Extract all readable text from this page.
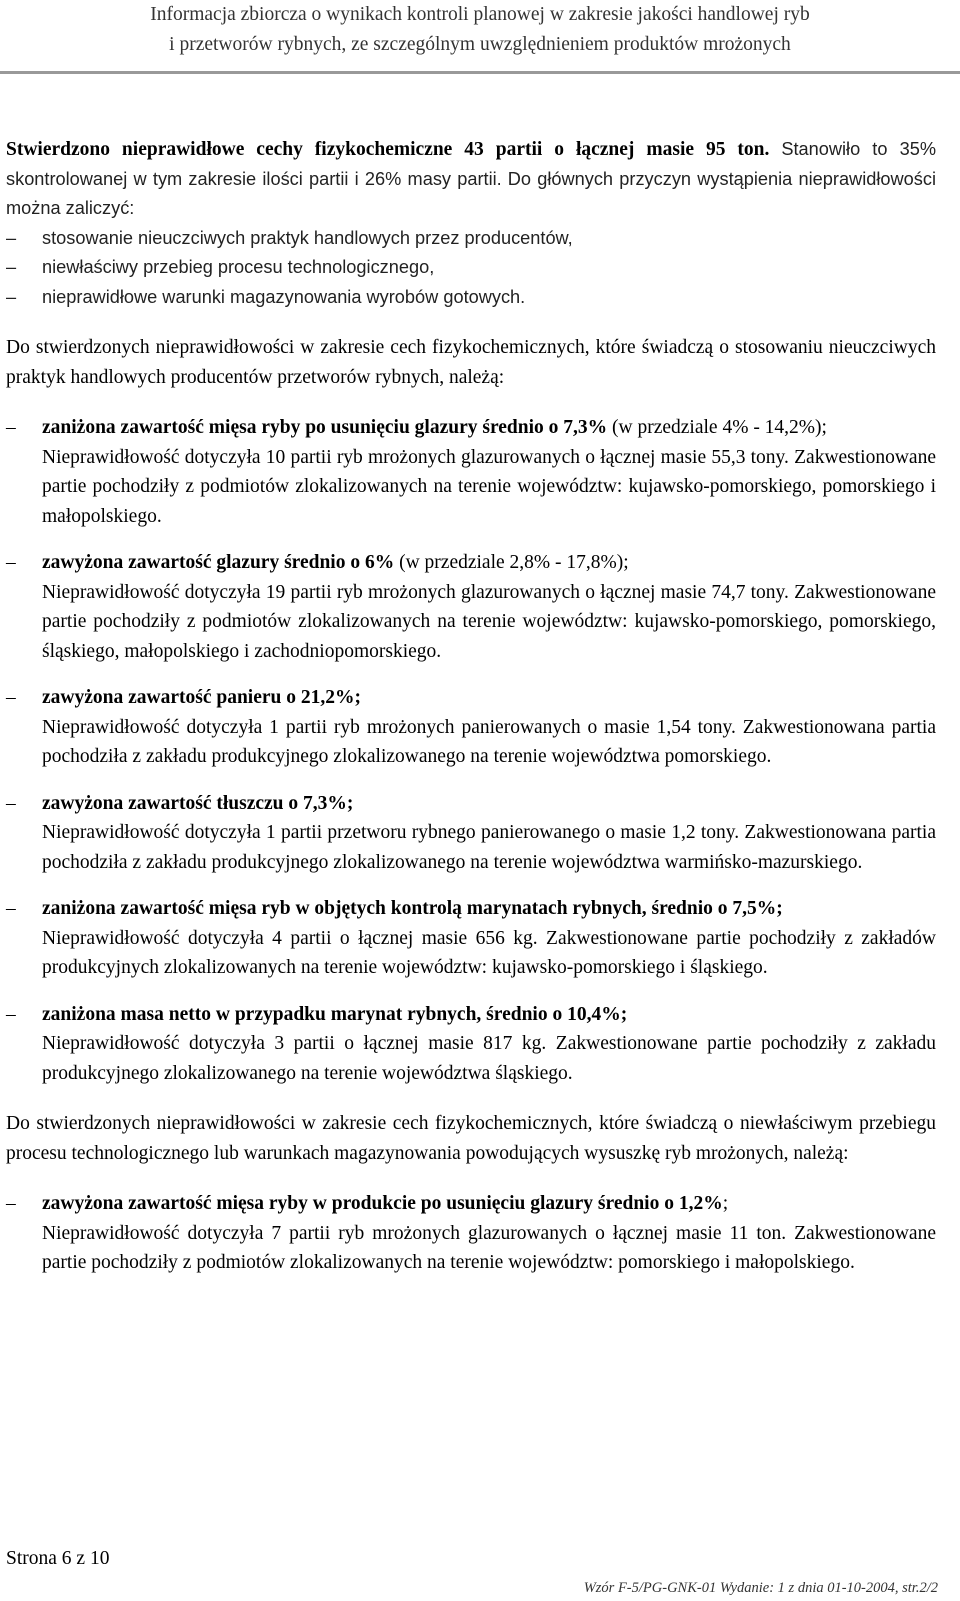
Informacja zbiorcza o wynikach kontroli planowej w zakresie jakości handlowej ryb
i przetworów rybnych, ze szczególnym uwzględnieniem produktów mrożonych

Stwierdzono nieprawidłowe cechy fizykochemiczne 43 partii o łącznej masie 95 ton. Stanowiło to 35% skontrolowanej w tym zakresie ilości partii i 26% masy partii. Do głównych przyczyn wystąpienia nieprawidłowości można zaliczyć:

– stosowanie nieuczciwych praktyk handlowych przez producentów,
– niewłaściwy przebieg procesu technologicznego,
– nieprawidłowe warunki magazynowania wyrobów gotowych.

Do stwierdzonych nieprawidłowości w zakresie cech fizykochemicznych, które świadczą o stosowaniu nieuczciwych praktyk handlowych producentów przetworów rybnych, należą:

– zaniżona zawartość mięsa ryby po usunięciu glazury średnio o 7,3% (w przedziale 4% - 14,2%);

Nieprawidłowość dotyczyła 10 partii ryb mrożonych glazurowanych o łącznej masie 55,3 tony. Zakwestionowane partie pochodziły z podmiotów zlokalizowanych na terenie województw: kujawsko-pomorskiego, pomorskiego i małopolskiego.

– zawyżona zawartość glazury średnio o 6% (w przedziale 2,8% - 17,8%);

Nieprawidłowość dotyczyła 19 partii ryb mrożonych glazurowanych o łącznej masie 74,7 tony. Zakwestionowane partie pochodziły z podmiotów zlokalizowanych na terenie województw: kujawsko-pomorskiego, pomorskiego, śląskiego, małopolskiego i zachodniopomorskiego.

– zawyżona zawartość panieru o 21,2%;

Nieprawidłowość dotyczyła 1 partii ryb mrożonych panierowanych o masie 1,54 tony. Zakwestionowana partia pochodziła z zakładu produkcyjnego zlokalizowanego na terenie województwa pomorskiego.

– zawyżona zawartość tłuszczu o 7,3%;

Nieprawidłowość dotyczyła 1 partii przetworu rybnego panierowanego o masie 1,2 tony. Zakwestionowana partia pochodziła z zakładu produkcyjnego zlokalizowanego na terenie województwa warmińsko-mazurskiego.

– zaniżona zawartość mięsa ryb w objętych kontrolą marynatach rybnych, średnio o 7,5%;

Nieprawidłowość dotyczyła 4 partii o łącznej masie 656 kg. Zakwestionowane partie pochodziły z zakładów produkcyjnych zlokalizowanych na terenie województw: kujawsko-pomorskiego i śląskiego.

– zaniżona masa netto w przypadku marynat rybnych, średnio o 10,4%;

Nieprawidłowość dotyczyła 3 partii o łącznej masie 817 kg. Zakwestionowane partie pochodziły z zakładu produkcyjnego zlokalizowanego na terenie województwa śląskiego.

Do stwierdzonych nieprawidłowości w zakresie cech fizykochemicznych, które świadczą o niewłaściwym przebiegu procesu technologicznego lub warunkach magazynowania powodujących wysuszkę ryb mrożonych, należą:

– zawyżona zawartość mięsa ryby w produkcie po usunięciu glazury średnio o 1,2%;

Nieprawidłowość dotyczyła 7 partii ryb mrożonych glazurowanych o łącznej masie 11 ton. Zakwestionowane partie pochodziły z podmiotów zlokalizowanych na terenie województw: pomorskiego i małopolskiego.

Strona 6 z 10
Wzór F-5/PG-GNK-01 Wydanie: 1 z dnia 01-10-2004, str.2/2
